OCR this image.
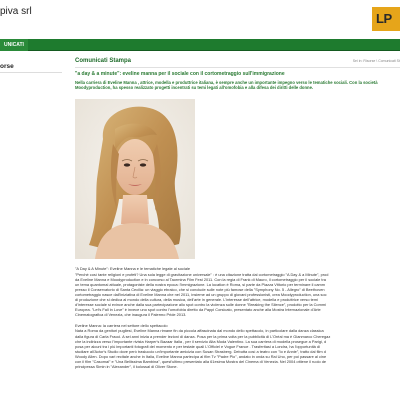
piva srl	LP
UNICATI
orse
Comunicati Stampa	Sei in: Risorse \ Comunicati St
"a day & a minute": eveline manna per il sociale con il cortometraggio sull'immigrazione
Nella carriera di Eveline Manna , attrice, modella e produttrice italiana, è sempre anche un importante impegno verso le tematiche sociali. Con la società Moodyproduction, ha spesso realizzato progetti incentrati su temi legati all'omofobia e alla difesa dei diritti delle donne.
"A Day & A Minute": Eveline Manna e le tematiche legate al sociale
"Perché così tante religioni e profeti? Una sola legge di gravitazione universale" : è una citazione tratta dal cortometraggio "A Day & a Minute", prod
da Eveline Manna e Moodyproduction e in concorso al Taormina Film Fest 2011. Con la regia di Frank di Mauro, il cortometraggio per il sociale tra
un tema quantomai attuale, protagoniste della nostra epoca: l'immigrazione. La location è Roma, si parte da Piazza Vittorio per terminare il camm
presso il Conservatorio di Santa Cecilia: un viaggio ebraico, che si conclude sulle note più famose della "Symphony No. 5 - Allegro" di Beethoven
cortometraggio nasce dall'iniziativa di Eveline Manna che nel 2011, insieme ad un gruppo di giovani professionisti, crea Moodyproduction, una soc
di produzione che si dedica al mondo della cultura, della musica, dell'arte in generale. L'interesse dell'attrice, modella e produttrice verso temi
d'interesse sociale si evince anche dalla sua partecipazione allo spot contro la violenza sulle donne "Breaking the Silence", prodotto per la Commi
Europea. "Let's Fall in Love" è invece uno spot contro l'omofobia diretto da Pappi Corsicato, presentato anche alla Mostra Internazionale d'Arte
Cinematografica di Venezia, che inaugura il Palermo Pride 2013.
Eveline Manna: la carriera nel settore dello spettacolo
Nata a Roma da genitori pugliesi, Eveline Manna rimane fin da piccola affascinata dal mondo dello spettacolo, in particolare dalla danza classica
dalla figura di Carla Fracci. A sei anni inizia a prender lezioni di danza. Posa per la prima volta per la pubblicità di L'Oréal ma è Gianmarco Cheregaz
che la indirizza verso l'importante rivista Harper's Bazaar Italia , per il servizio Alta Moda Valentino. La sua carriera di modella prosegue a Parigi, d
posa per alcuni tra i più importanti fotografi del momento e per testate quali L'Officiel e Vogue France . Trasferitasi a Londra, ha l'opportunità di
studiare all'Actor's Studio dove però trasluccio un'importante amicizia con Susan Strasberg. Debutta così a teatro con "Io e Annie", tratto dal film d
Woody Allen. Dopo vari recitale anche in Italia, Eveline Manna partecipa al film Tv "Padre Pio", andato in onda su Rai Uno, per poi passare al cine
con il film "Casomai" e "Una Bellissima Bambina", quest'ultimo presentato alla 61esima Mostra del Cinema di Venezia. Nel 2004 ottiene il ruolo de
principessa Simin in "Alexander", il kolossal di Oliver Stone.
